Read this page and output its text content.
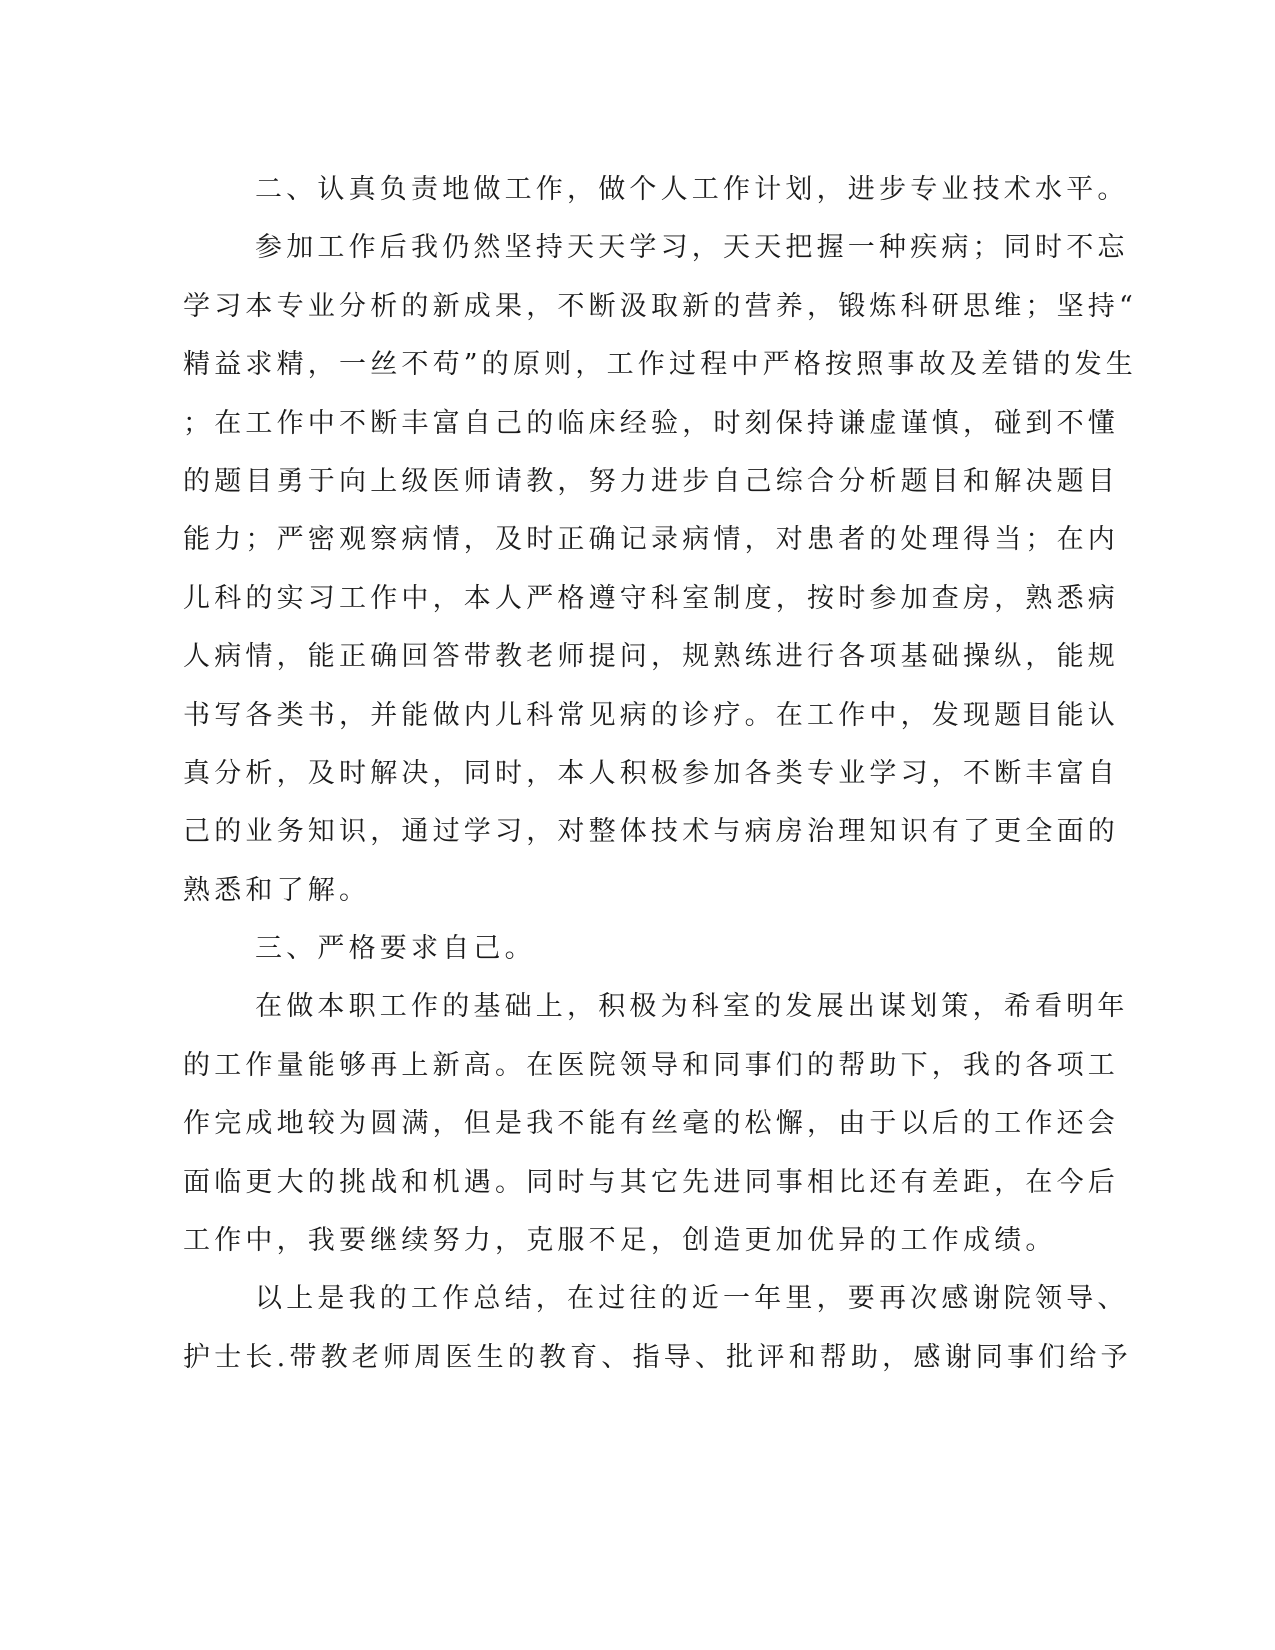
二、认真负责地做工作，做个人工作计划，进步专业技术水平。
参加工作后我仍然坚持天天学习，天天把握一种疾病；同时不忘
学习本专业分析的新成果，不断汲取新的营养，锻炼科研思维；坚持“
精益求精，一丝不苟”的原则，工作过程中严格按照事故及差错的发生
；在工作中不断丰富自己的临床经验，时刻保持谦虚谨慎，碰到不懂
的题目勇于向上级医师请教，努力进步自己综合分析题目和解决题目
能力；严密观察病情，及时正确记录病情，对患者的处理得当；在内
儿科的实习工作中，本人严格遵守科室制度，按时参加查房，熟悉病
人病情，能正确回答带教老师提问，规熟练进行各项基础操纵，能规
书写各类书，并能做内儿科常见病的诊疗。在工作中，发现题目能认
真分析，及时解决，同时，本人积极参加各类专业学习，不断丰富自
己的业务知识，通过学习，对整体技术与病房治理知识有了更全面的
熟悉和了解。
三、严格要求自己。
在做本职工作的基础上，积极为科室的发展出谋划策，希看明年
的工作量能够再上新高。在医院领导和同事们的帮助下，我的各项工
作完成地较为圆满，但是我不能有丝毫的松懈，由于以后的工作还会
面临更大的挑战和机遇。同时与其它先进同事相比还有差距，在今后
工作中，我要继续努力，克服不足，创造更加优异的工作成绩。
以上是我的工作总结，在过往的近一年里，要再次感谢院领导、
护士长.带教老师周医生的教育、指导、批评和帮助，感谢同事们给予
